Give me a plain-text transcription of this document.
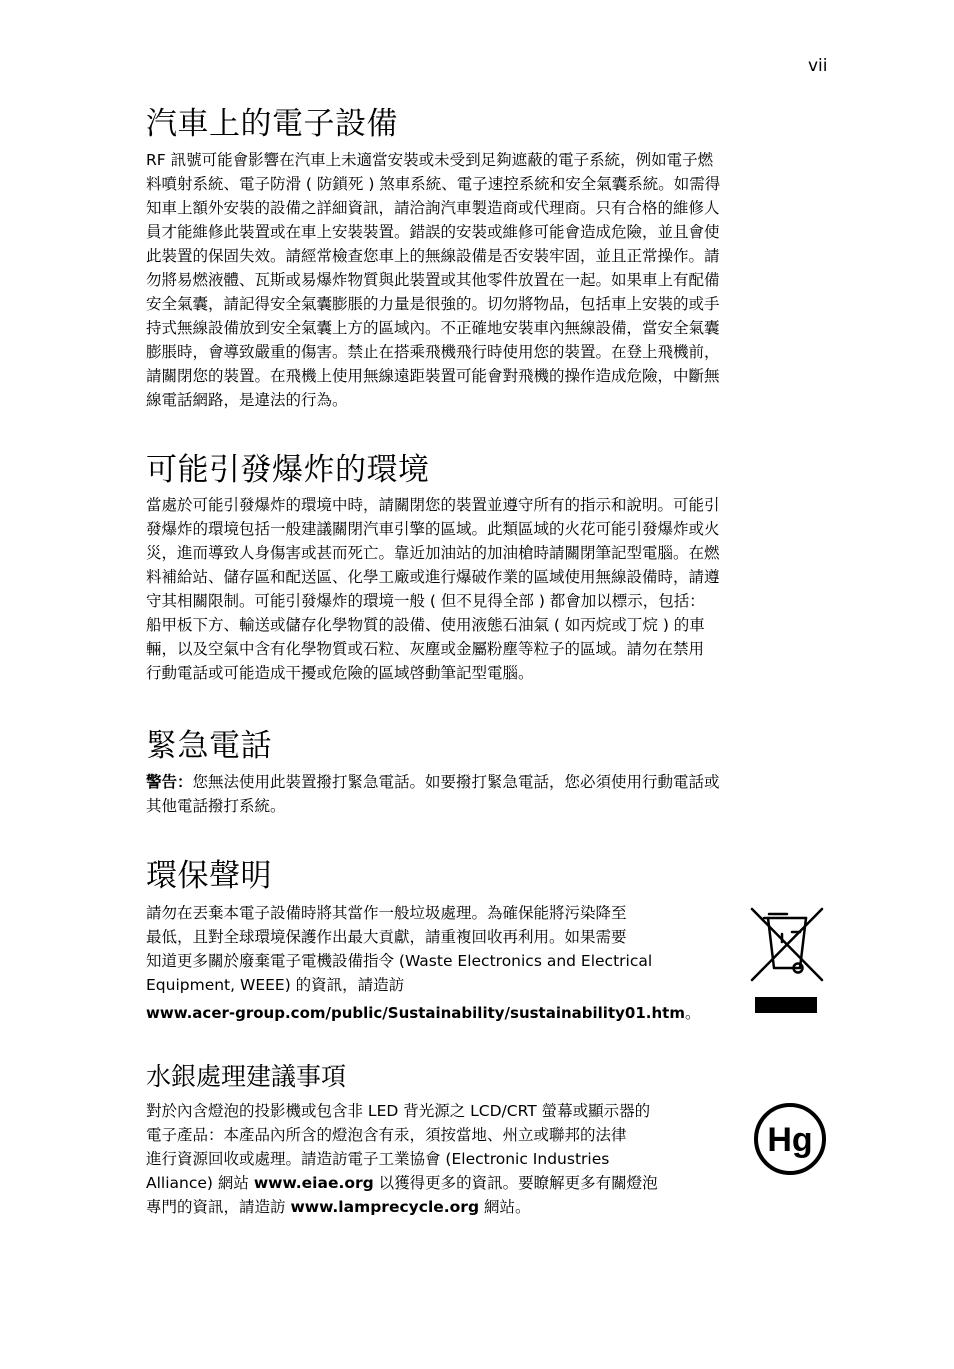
vii
汽車上的電子設備
RF 訊號可能會影響在汽車上未適當安裝或未受到足夠遮蔽的電子系統，例如電子燃
料噴射系統、電子防滑 ( 防鎖死 ) 煞車系統、電子速控系統和安全氣囊系統。如需得
知車上額外安裝的設備之詳細資訊，請洽詢汽車製造商或代理商。只有合格的維修人
員才能維修此裝置或在車上安裝裝置。錯誤的安裝或維修可能會造成危險，並且會使
此裝置的保固失效。請經常檢查您車上的無線設備是否安裝牢固，並且正常操作。請
勿將易燃液體、瓦斯或易爆炸物質與此裝置或其他零件放置在一起。如果車上有配備
安全氣囊，請記得安全氣囊膨脹的力量是很強的。切勿將物品，包括車上安裝的或手
持式無線設備放到安全氣囊上方的區域內。不正確地安裝車內無線設備，當安全氣囊
膨脹時，會導致嚴重的傷害。禁止在搭乘飛機飛行時使用您的裝置。在登上飛機前，
請關閉您的裝置。在飛機上使用無線遠距裝置可能會對飛機的操作造成危險，中斷無
線電話網路，是違法的行為。
可能引發爆炸的環境
當處於可能引發爆炸的環境中時，請關閉您的裝置並遵守所有的指示和說明。可能引
發爆炸的環境包括一般建議關閉汽車引擎的區域。此類區域的火花可能引發爆炸或火
災，進而導致人身傷害或甚而死亡。靠近加油站的加油槍時請關閉筆記型電腦。在燃
料補給站、儲存區和配送區、化學工廠或進行爆破作業的區域使用無線設備時，請遵
守其相關限制。可能引發爆炸的環境一般 ( 但不見得全部 ) 都會加以標示，包括：
船甲板下方、輸送或儲存化學物質的設備、使用液態石油氣 ( 如丙烷或丁烷 ) 的車
輛，以及空氣中含有化學物質或石粒、灰塵或金屬粉塵等粒子的區域。請勿在禁用
行動電話或可能造成干擾或危險的區域啓動筆記型電腦。
緊急電話
警告：您無法使用此裝置撥打緊急電話。如要撥打緊急電話，您必須使用行動電話或
其他電話撥打系統。
環保聲明
請勿在丟棄本電子設備時將其當作一般垃圾處理。為確保能將污染降至
最低，且對全球環境保護作出最大貢獻，請重複回收再利用。如果需要
知道更多關於廢棄電子電機設備指令 (Waste Electronics and Electrical
Equipment, WEEE) 的資訊，請造訪
www.acer-group.com/public/Sustainability/sustainability01.htm。
水銀處理建議事項
對於內含燈泡的投影機或包含非 LED 背光源之 LCD/CRT 螢幕或顯示器的
電子產品：本產品內所含的燈泡含有汞，須按當地、州立或聯邦的法律
進行資源回收或處理。請造訪電子工業協會 (Electronic Industries
Alliance) 網站 www.eiae.org 以獲得更多的資訊。要瞭解更多有關燈泡
專門的資訊，請造訪 www.lamprecycle.org 網站。
Hg
